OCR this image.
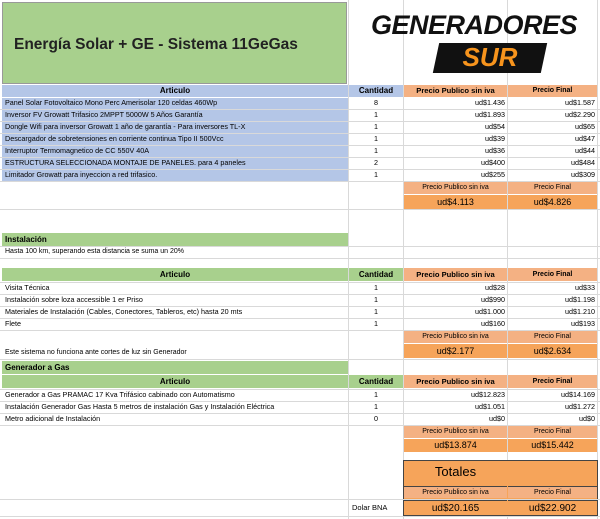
Energía Solar + GE - Sistema 11GeGas
GENERADORES
SUR
Articulo	Cantidad	Precio Publico sin iva	Precio Final
Panel Solar Fotovoltaico Mono Perc Amerisolar 120 celdas 460Wp	8	ud$1.436	ud$1.587
Inversor FV Growatt Trifasico 2MPPT 5000W 5 Años Garantía	1	ud$1.893	ud$2.290
Dongle Wifi para inversor Growatt 1 año de garantía - Para inversores TL-X	1	ud$54	ud$65
Descargador de sobretensiones en corriente continua Tipo II 500Vcc	1	ud$39	ud$47
Interruptor Termomagnetico de CC 550V 40A	1	ud$36	ud$44
ESTRUCTURA SELECCIONADA MONTAJE DE PANELES. para 4 paneles	2	ud$400	ud$484
Limitador Growatt para inyeccion a red trifasico.	1	ud$255	ud$309
Precio Publico sin iva	Precio Final
ud$4.113	ud$4.826
Instalación
Hasta 100 km, superando esta distancia se suma un 20%
Articulo	Cantidad	Precio Publico sin iva	Precio Final
Visita Técnica	1	ud$28	ud$33
Instalación sobre loza accessible 1 er Priso	1	ud$990	ud$1.198
Materiales de Instalación (Cables, Conectores, Tableros, etc) hasta 20 mts	1	ud$1.000	ud$1.210
Flete	1	ud$160	ud$193
Precio Publico sin iva	Precio Final
ud$2.177	ud$2.634
Este sistema no funciona ante cortes de luz sin Generador
Generador a Gas
Articulo	Cantidad	Precio Publico sin iva	Precio Final
Generador a Gas PRAMAC 17 Kva Trifásico cabinado con Automatismo	1	ud$12.823	ud$14.169
Instalación Generador Gas Hasta 5 metros de instalación Gas y Instalación Eléctrica	1	ud$1.051	ud$1.272
Metro adicional de Instalación	0	ud$0	ud$0
Precio Publico sin iva	Precio Final
ud$13.874	ud$15.442
Totales
Precio Publico sin iva	Precio Final
ud$20.165	ud$22.902
Dolar BNA
